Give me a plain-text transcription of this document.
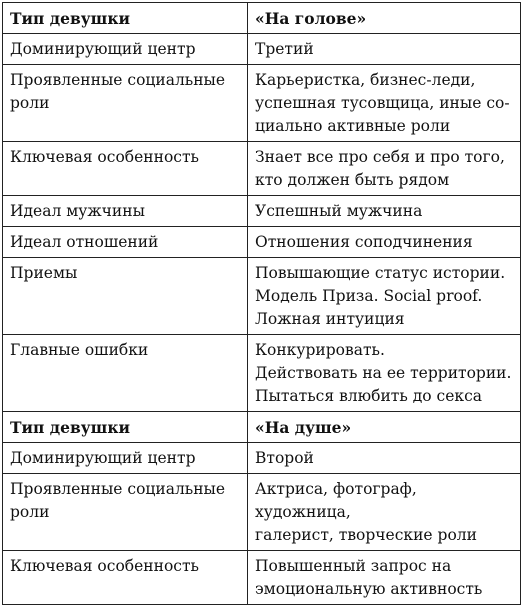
Тип девушки	«На голове»
Доминирующий центр	Третий
Проявленные социальные
роли	Карьеристка, бизнес-леди,
успешная тусовщица, иные со-
циально активные роли
Ключевая особенность	Знает все про себя и про того,
кто должен быть рядом
Идеал мужчины	Успешный мужчина
Идеал отношений	Отношения соподчинения
Приемы	Повышающие статус истории.
Модель Приза. Social proof.
Ложная интуиция
Главные ошибки	Конкурировать.
Действовать на ее территории.
Пытаться влюбить до секса
Тип девушки	«На душе»
Доминирующий центр	Второй
Проявленные социальные
роли	Актриса, фотограф, художница,
галерист, творческие роли
Ключевая особенность	Повышенный запрос на
эмоциональную активность
